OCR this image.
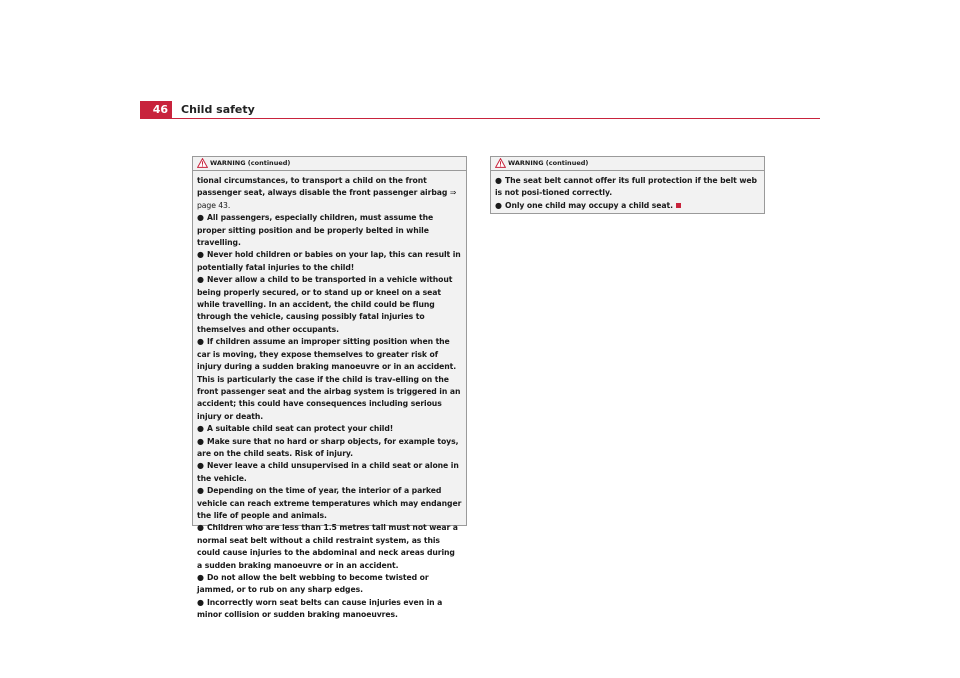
46	Child safety
WARNING (continued)

tional circumstances, to transport a child on the front passenger seat, always disable the front passenger airbag ⇒ page 43.

● All passengers, especially children, must assume the proper sitting position and be properly belted in while travelling.

● Never hold children or babies on your lap, this can result in potentially fatal injuries to the child!

● Never allow a child to be transported in a vehicle without being properly secured, or to stand up or kneel on a seat while travelling. In an accident, the child could be flung through the vehicle, causing possibly fatal injuries to themselves and other occupants.

● If children assume an improper sitting position when the car is moving, they expose themselves to greater risk of injury during a sudden braking manoeuvre or in an accident. This is particularly the case if the child is trav-elling on the front passenger seat and the airbag system is triggered in an accident; this could have consequences including serious injury or death.

● A suitable child seat can protect your child!

● Make sure that no hard or sharp objects, for example toys, are on the child seats. Risk of injury.

● Never leave a child unsupervised in a child seat or alone in the vehicle.

● Depending on the time of year, the interior of a parked vehicle can reach extreme temperatures which may endanger the life of people and animals.

● Children who are less than 1.5 metres tall must not wear a normal seat belt without a child restraint system, as this could cause injuries to the abdominal and neck areas during a sudden braking manoeuvre or in an accident.

● Do not allow the belt webbing to become twisted or jammed, or to rub on any sharp edges.

● Incorrectly worn seat belts can cause injuries even in a minor collision or sudden braking manoeuvres.

WARNING (continued)

● The seat belt cannot offer its full protection if the belt web is not posi-tioned correctly.

● Only one child may occupy a child seat.
